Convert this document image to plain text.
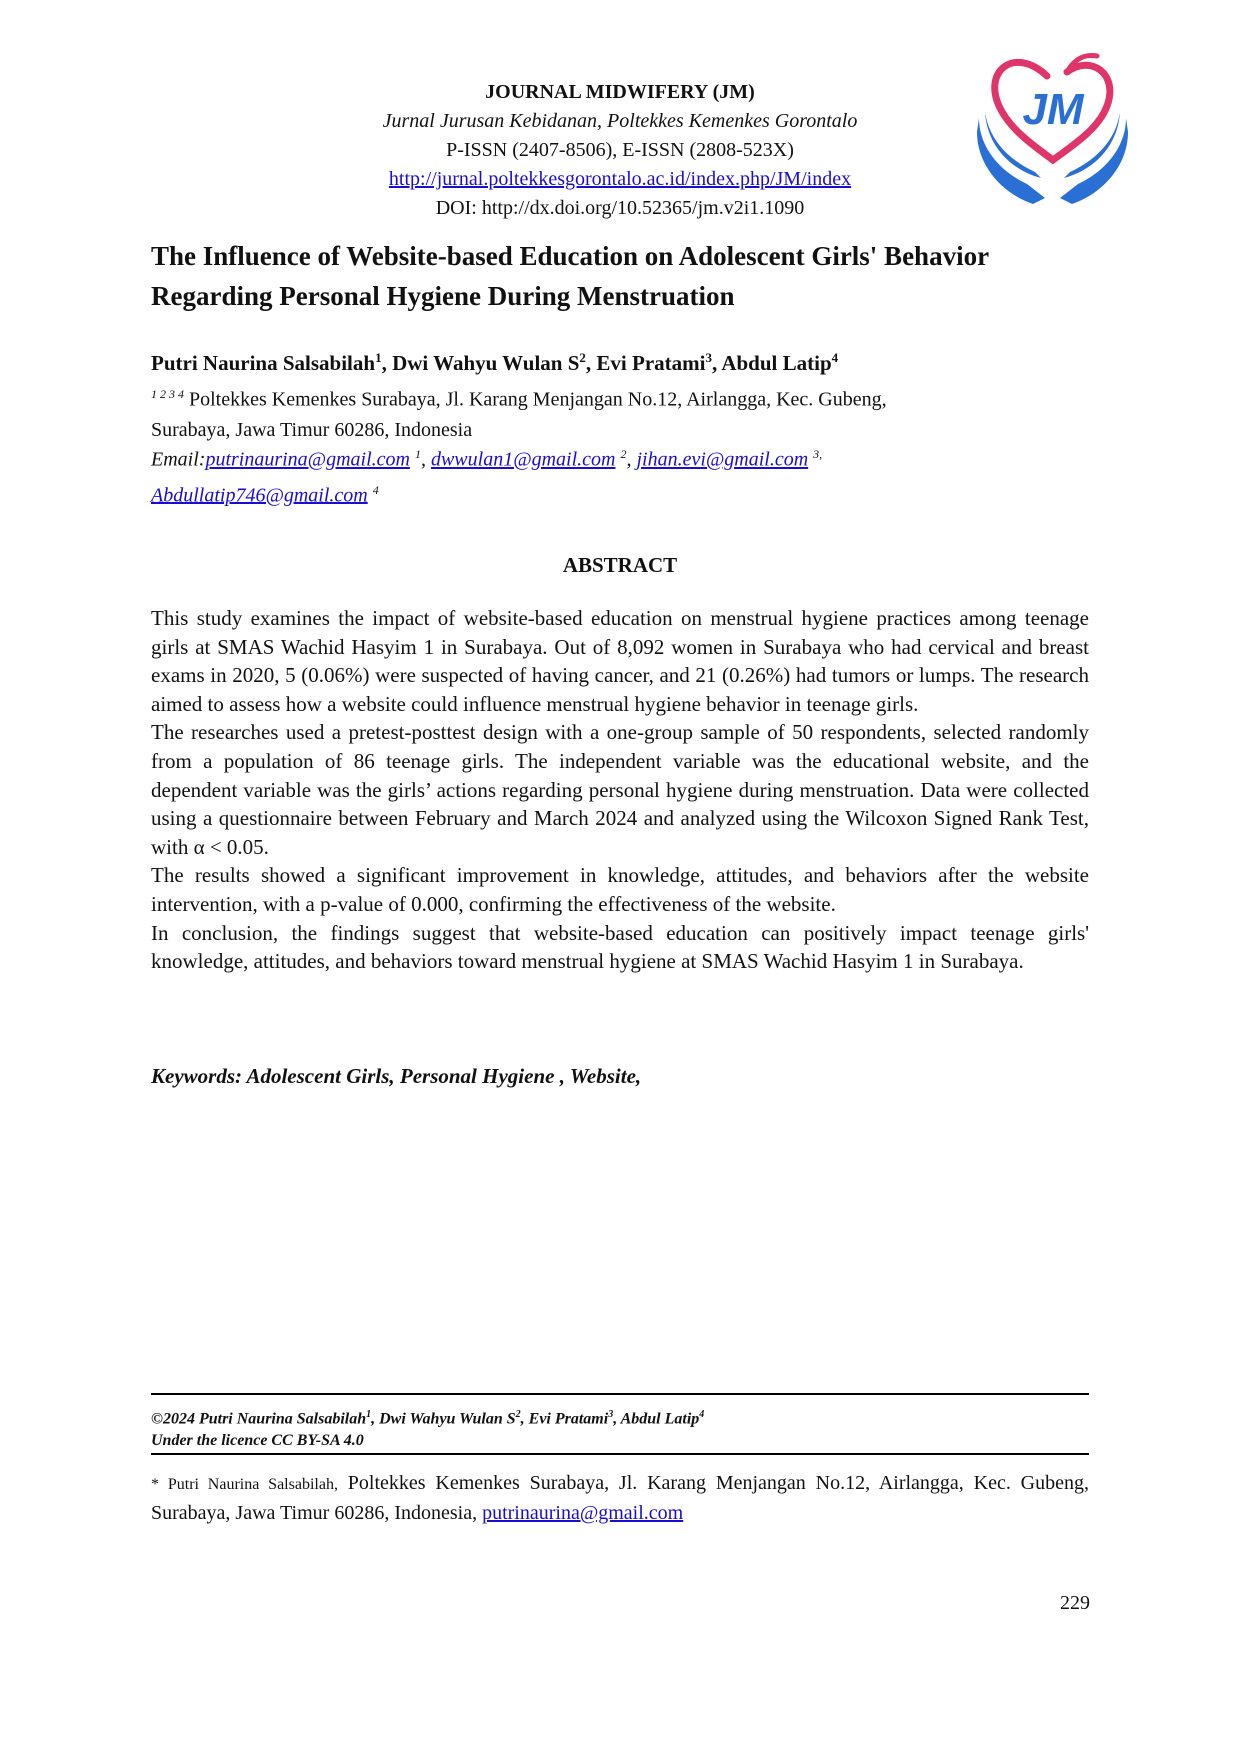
JOURNAL MIDWIFERY (JM)
Jurnal Jurusan Kebidanan, Poltekkes Kemenkes Gorontalo
P-ISSN (2407-8506), E-ISSN (2808-523X)
http://jurnal.poltekkesgorontalo.ac.id/index.php/JM/index
DOI: http://dx.doi.org/10.52365/jm.v2i1.1090
JM
The Influence of Website-based Education on Adolescent Girls' Behavior
Regarding Personal Hygiene During Menstruation
Putri Naurina Salsabilah$^1$, Dwi Wahyu Wulan $S^2$, Evi Pratami$^3$, Abdul Latip$^4$
$^{1 2 3 4}$ Poltekkes Kemenkes Surabaya, Jl. Karang Menjangan No.12, Airlangga, Kec. Gubeng,
Surabaya, Jawa Timur 60286, Indonesia
Email:putrinaurina@gmail.com $^1$, dwwulan1@gmail.com $^2$, jihan.evi@gmail.com $^{3,}$
Abdullatip746@gmail.com $^4$
ABSTRACT

This study examines the impact of website-based education on menstrual hygiene practices among teenage girls at SMAS Wachid Hasyim 1 in Surabaya. Out of 8,092 women in Surabaya who had cervical and breast exams in 2020, 5 (0.06%) were suspected of having cancer, and 21 (0.26%) had tumors or lumps. The research aimed to assess how a website could influence menstrual hygiene behavior in teenage girls.

The researches used a pretest-posttest design with a one-group sample of 50 respondents, selected randomly from a population of 86 teenage girls. The independent variable was the educational website, and the dependent variable was the girls’ actions regarding personal hygiene during menstruation. Data were collected using a questionnaire between February and March 2024 and analyzed using the Wilcoxon Signed Rank Test, with α < 0.05.

The results showed a significant improvement in knowledge, attitudes, and behaviors after the website intervention, with a p-value of 0.000, confirming the effectiveness of the website.

In conclusion, the findings suggest that website-based education can positively impact teenage girls' knowledge, attitudes, and behaviors toward menstrual hygiene at SMAS Wachid Hasyim 1 in Surabaya.

Keywords: Adolescent Girls, Personal Hygiene , Website,
©2024 Putri Naurina Salsabilah$^1$, Dwi Wahyu Wulan $S^2$, Evi Pratami$^3$, Abdul Latip$^4$
Under the licence CC BY-SA 4.0
* Putri Naurina Salsabilah, Poltekkes Kemenkes Surabaya, Jl. Karang Menjangan No.12, Airlangga, Kec. Gubeng, Surabaya, Jawa Timur 60286, Indonesia, putrinaurina@gmail.com
229
